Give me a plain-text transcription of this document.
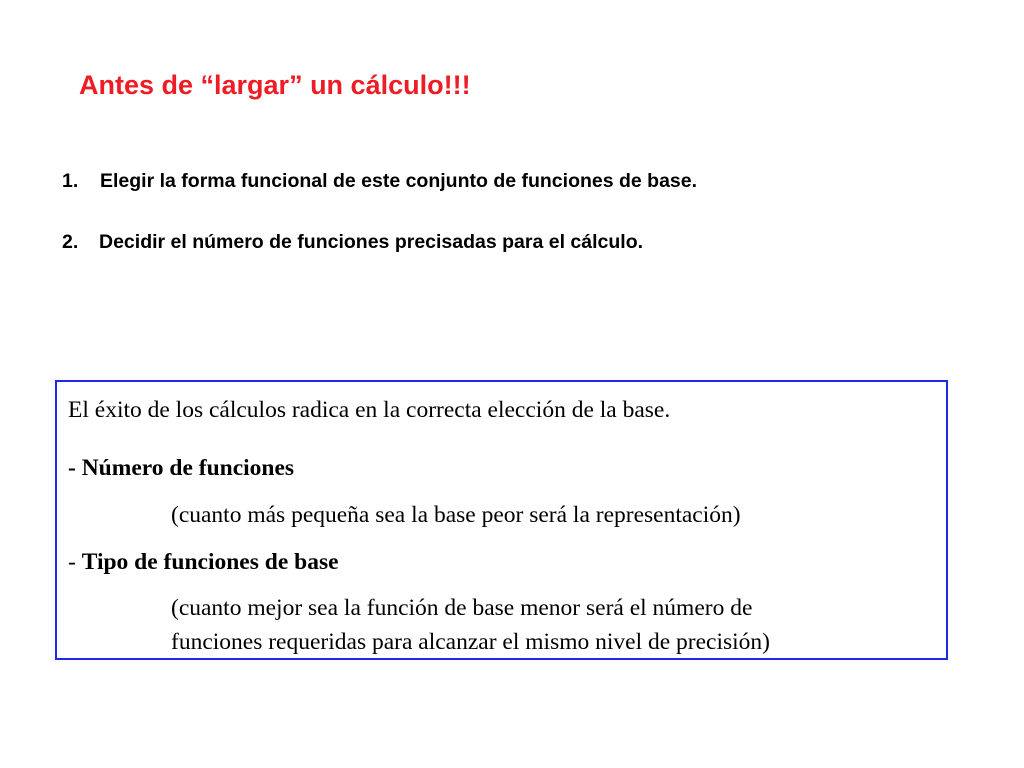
Antes de “largar” un cálculo!!!
1. Elegir la forma funcional de este conjunto de funciones de base.
2. Decidir el número de funciones precisadas para el cálculo.
El éxito de los cálculos radica en la correcta elección de la base.
- Número de funciones
(cuanto más pequeña sea la base peor será la representación)
- Tipo de funciones de base
(cuanto mejor sea la función de base menor será el número de
funciones requeridas para alcanzar el mismo nivel de precisión)
